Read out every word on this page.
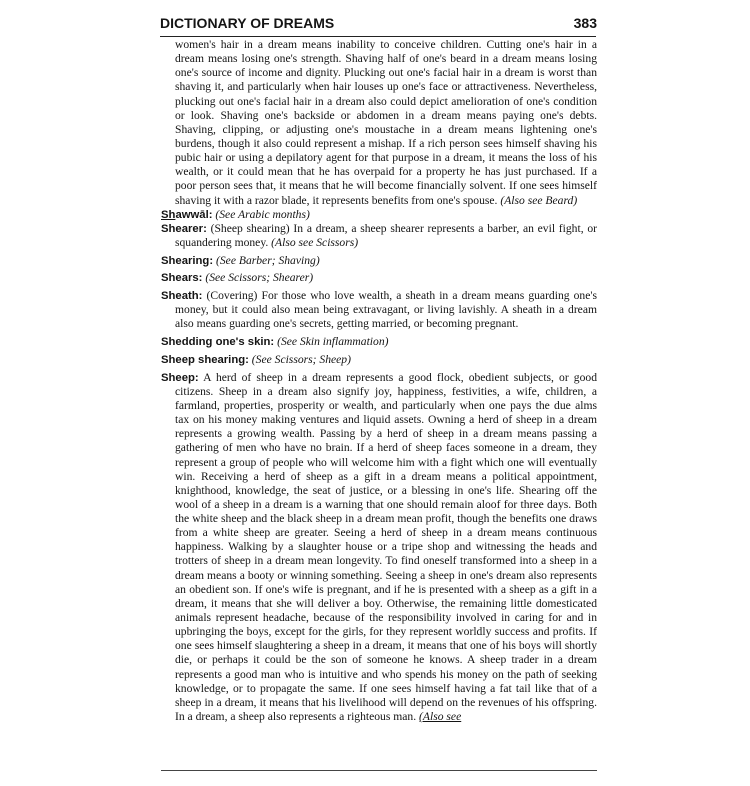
DICTIONARY OF DREAMS	383

women's hair in a dream means inability to conceive children. Cutting one's hair in a dream means losing one's strength. Shaving half of one's beard in a dream means losing one's source of income and dignity. Plucking out one's facial hair in a dream is worst than shaving it, and particularly when hair louses up one's face or attractiveness. Nevertheless, plucking out one's facial hair in a dream also could depict amelioration of one's condition or look. Shaving one's backside or abdomen in a dream means paying one's debts. Shaving, clipping, or adjusting one's moustache in a dream means lightening one's burdens, though it also could represent a mishap. If a rich person sees himself shaving his pubic hair or using a depilatory agent for that purpose in a dream, it means the loss of his wealth, or it could mean that he has overpaid for a property he has just purchased. If a poor person sees that, it means that he will become financially solvent. If one sees himself shaving it with a razor blade, it represents benefits from one's spouse. (Also see Beard)

Shawwāl: (See Arabic months)

Shearer: (Sheep shearing) In a dream, a sheep shearer represents a barber, an evil fight, or squandering money. (Also see Scissors)

Shearing: (See Barber; Shaving)

Shears: (See Scissors; Shearer)

Sheath: (Covering) For those who love wealth, a sheath in a dream means guarding one's money, but it could also mean being extravagant, or living lavishly. A sheath in a dream also means guarding one's secrets, getting married, or becoming pregnant.

Shedding one's skin: (See Skin inflammation)

Sheep shearing: (See Scissors; Sheep)

Sheep: A herd of sheep in a dream represents a good flock, obedient subjects, or good citizens. Sheep in a dream also signify joy, happiness, festivities, a wife, children, a farmland, properties, prosperity or wealth, and particularly when one pays the due alms tax on his money making ventures and liquid assets. Owning a herd of sheep in a dream represents a growing wealth. Passing by a herd of sheep in a dream means passing a gathering of men who have no brain. If a herd of sheep faces someone in a dream, they represent a group of people who will welcome him with a fight which one will eventually win. Receiving a herd of sheep as a gift in a dream means a political appointment, knighthood, knowledge, the seat of justice, or a blessing in one's life. Shearing off the wool of a sheep in a dream is a warning that one should remain aloof for three days. Both the white sheep and the black sheep in a dream mean profit, though the benefits one draws from a white sheep are greater. Seeing a herd of sheep in a dream means continuous happiness. Walking by a slaughter house or a tripe shop and witnessing the heads and trotters of sheep in a dream mean longevity. To find oneself transformed into a sheep in a dream means a booty or winning something. Seeing a sheep in one's dream also represents an obedient son. If one's wife is pregnant, and if he is presented with a sheep as a gift in a dream, it means that she will deliver a boy. Otherwise, the remaining little domesticated animals represent headache, because of the responsibility involved in caring for and in upbringing the boys, except for the girls, for they represent worldly success and profits. If one sees himself slaughtering a sheep in a dream, it means that one of his boys will shortly die, or perhaps it could be the son of someone he knows. A sheep trader in a dream represents a good man who is intuitive and who spends his money on the path of seeking knowledge, or to propagate the same. If one sees himself having a fat tail like that of a sheep in a dream, it means that his livelihood will depend on the revenues of his offspring. In a dream, a sheep also represents a righteous man. (Also see
